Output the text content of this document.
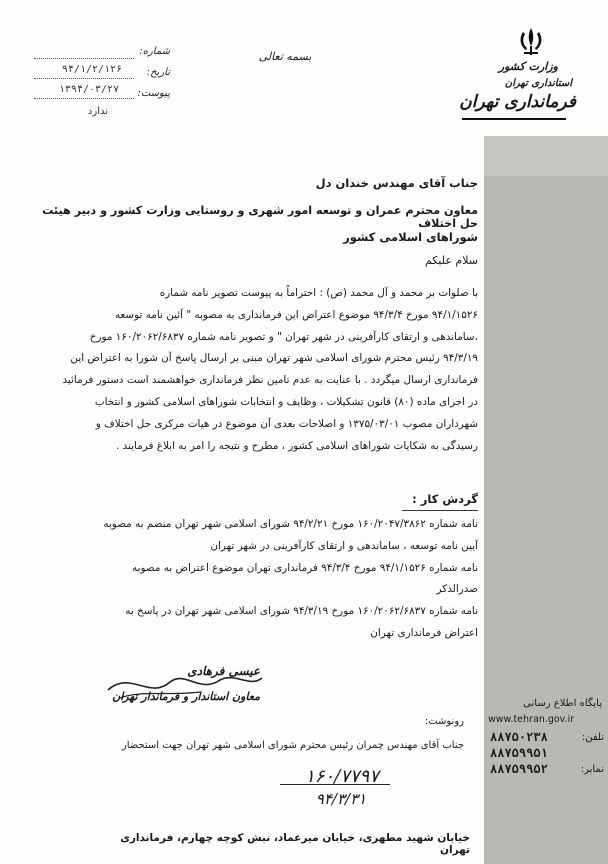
بسمه تعالی
شماره:
۹۴/۱/۲/۱۲۶	تاریخ:
۱۳۹۴/۰۳/۲۷	پیوست:
ندارد
وزارت کشور
استانداری تهران
فرمانداری تهران
جناب آقای مهندس خندان دل
معاون محترم عمران و توسعه امور شهری و روستایی وزارت کشور و دبیر هیئت حل اختلاف
شوراهای اسلامی کشور
سلام علیکم
با صلوات بر محمد و آل محمد (ص) : احتراماً به پیوست تصویر نامه شماره
۹۴/۱/۱۵۲۶ مورخ ۹۴/۳/۴ موضوع اعتراض این فرمانداری به مصوبه " آئین نامه توسعه
،ساماندهی و ارتقای کارآفرینی در شهر تهران " و تصویر نامه شماره ۱۶۰/۲۰۶۲/۶۸۳۷ مورخ
۹۴/۳/۱۹ رئیس محترم شورای اسلامی شهر تهران مبنی بر ارسال پاسخ آن شورا به اعتراض این
فرمانداری ارسال میگردد . با عنایت به عدم تامین نظر فرمانداری خواهشمند است دستور فرمائید
در اجرای ماده (۸۰) قانون تشکیلات ، وظایف و انتخابات شوراهای اسلامی کشور و انتخاب
شهرداران مصوب ۱۳۷۵/۰۳/۰۱ و اصلاحات بعدی آن موضوع در هیات مرکزی حل اختلاف و
رسیدگی به شکایات شوراهای اسلامی کشور ، مطرح و نتیجه را امر به ابلاغ فرمایند .
گردش کار :
نامه شماره ۱۶۰/۲۰۴۷/۳۸۶۲ مورخ ۹۴/۲/۲۱ شورای اسلامی شهر تهران منضم به مصوبه
آیین نامه توسعه ، ساماندهی و ارتقای کارآفرینی در شهر تهران
نامه شماره ۹۴/۱/۱۵۲۶ مورخ ۹۴/۳/۴ فرمانداری تهران موضوع اعتراض به مصوبه
صدرالذکر
نامه شماره ۱۶۰/۲۰۶۲/۶۸۳۷ مورخ ۹۴/۳/۱۹ شورای اسلامی شهر تهران در پاسخ به
اعتراض فرمانداری تهران
عیسی فرهادی
معاون استاندار و فرماندار تهران
رونوشت:
جناب آقای مهندس چمران رئیس محترم شورای اسلامی شهر تهران جهت استحضار
پایگاه اطلاع رسانی
www.tehran.gov.ir
تلفن:
۸۸۷۵۰۲۳۸
۸۸۷۵۹۹۵۱
نمابر:
۸۸۷۵۹۹۵۲
۱۶۰/۷۷۹۷
۹۴/۳/۳۱
خیابان شهید مطهری، خیابان میرعماد، نبش کوچه چهارم، فرمانداری تهران
